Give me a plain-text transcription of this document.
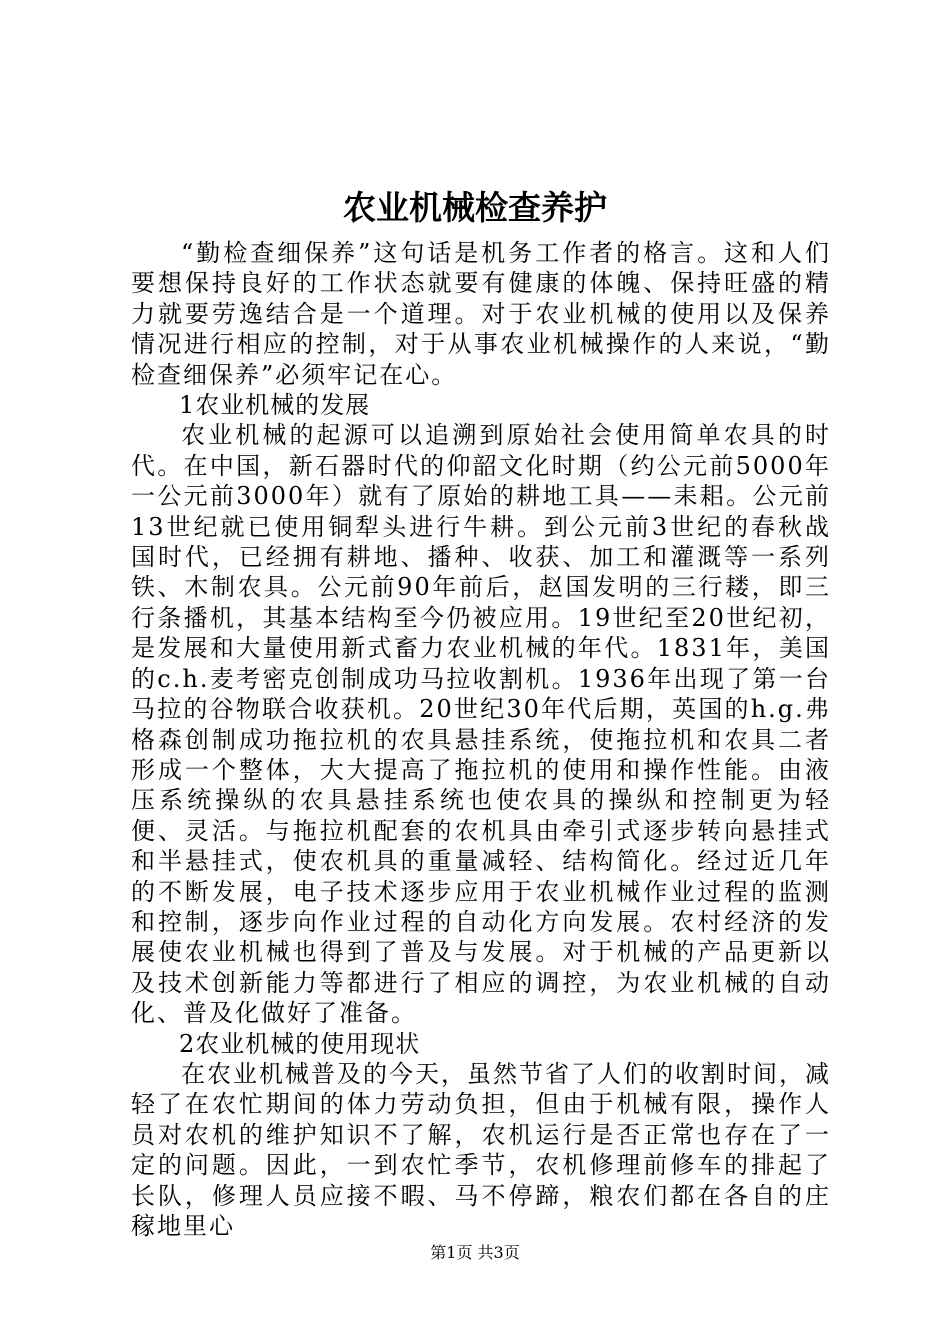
农业机械检查养护

“勤检查细保养”这句话是机务工作者的格言。这和人们要想保持良好的工作状态就要有健康的体魄、保持旺盛的精力就要劳逸结合是一个道理。对于农业机械的使用以及保养情况进行相应的控制，对于从事农业机械操作的人来说，“勤检查细保养”必须牢记在心。

1农业机械的发展

农业机械的起源可以追溯到原始社会使用简单农具的时代。在中国，新石器时代的仰韶文化时期（约公元前5000年一公元前3000年）就有了原始的耕地工具——耒耜。公元前13世纪就已使用铜犁头进行牛耕。到公元前3世纪的春秋战国时代，已经拥有耕地、播种、收获、加工和灌溉等一系列铁、木制农具。公元前90年前后，赵国发明的三行耧，即三行条播机，其基本结构至今仍被应用。19世纪至20世纪初，是发展和大量使用新式畜力农业机械的年代。1831年，美国的c.h.麦考密克创制成功马拉收割机。1936年出现了第一台马拉的谷物联合收获机。20世纪30年代后期，英国的h.g.弗格森创制成功拖拉机的农具悬挂系统，使拖拉机和农具二者形成一个整体，大大提高了拖拉机的使用和操作性能。由液压系统操纵的农具悬挂系统也使农具的操纵和控制更为轻便、灵活。与拖拉机配套的农机具由牵引式逐步转向悬挂式和半悬挂式，使农机具的重量减轻、结构简化。经过近几年的不断发展，电子技术逐步应用于农业机械作业过程的监测和控制，逐步向作业过程的自动化方向发展。农村经济的发展使农业机械也得到了普及与发展。对于机械的产品更新以及技术创新能力等都进行了相应的调控，为农业机械的自动化、普及化做好了准备。

2农业机械的使用现状

在农业机械普及的今天，虽然节省了人们的收割时间，减轻了在农忙期间的体力劳动负担，但由于机械有限，操作人员对农机的维护知识不了解，农机运行是否正常也存在了一定的问题。因此，一到农忙季节，农机修理前修车的排起了长队，修理人员应接不暇、马不停蹄，粮农们都在各自的庄稼地里心

第1页 共3页
